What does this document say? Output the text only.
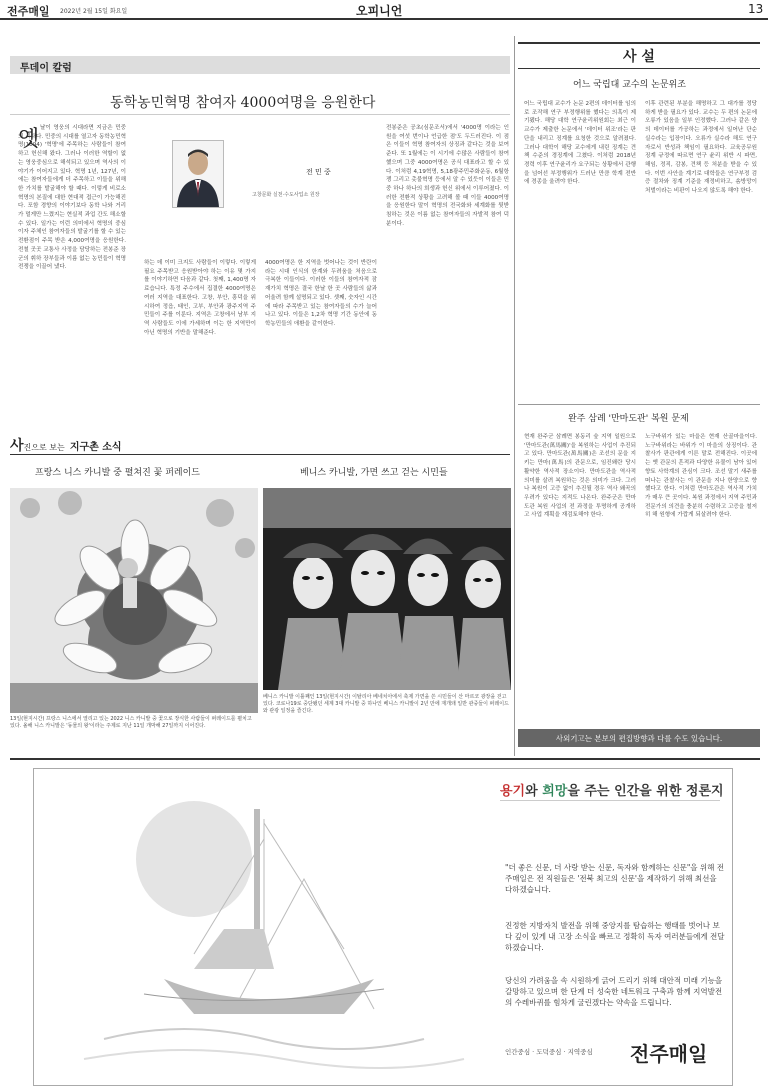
전주매일 2022년 2월 15일 화요일	오피니언	13
투데이 칼럼
동학농민혁명 참여자 4000여명을 응원한다
옛
전 민 중
고창문화 실천·수도사업소 원장
날이 영웅의 시대라면 지금은 민중의 시대다. 민중의 시대를 열고자 동학농민혁명(1894) '혁명'에 주목하는 사람들이 참여하고 헌신해 왔다. 그러나 이러한 역할이 없는 영웅중심으로 해석되고 있으며 역사의 이야기가 이어지고 있다. 혁명 1년, 127년, 이에는 참여자들에게 더 주목하고 이들을 위해 한 가치를 발굴해야 할 때다. 이렇게 비로소 혁명의 본질에 대한 현대적 접근이 가능해진다. 포함 경향의 이야기보다 동학 나와 거리가 멀게만 느꼈지는 현실적 과업 간도 해소할 수 있다. 일가는 이런 의미에서 혁명의 중심이자 주체인 참여자들의 발굴기를 할 수 있는 전환점이 주목 받은 4,000여명을 응원한다. 전철 곳곳 교통사 사정을 담당하는 전봉준 장군의 휘하 장부들과 이름 없는 농민들이 혁명 전쟁을 이끌어 냈다.
하는 데 이미 크지도 사람들이 이렇다. 이렇게 필요 주목받고 응원받아야 하는 이유 몇 가지를 이야기하면 다음과 같다. 첫째, 1,400명 자료습니다. 특정 주수에서 집결한 4000여명은 여러 지역을 대표한다. 고창, 부안, 흥덕을 위시하여 정읍, 태인, 고부, 부안과 광주지역 주민들이 주를 이룬다. 지역은 고창에서 남부 지역 사람들도 이에 가세하며 이는 한 지역만이 아닌 혁명의 기반을 말해준다.
4000여명은 한 지역을 벗어나는 것이 반란이라는 시대 인식의 한계와 두려움을 처음으로 극복한 이들이다. 이러한 이들의 참여자적 잠재가치 혁명은 결국 한날 한 곳 사람들의 삶과 어울려 함께 설명되고 있다. 셋째, 숫자인 시간에 따라 주목받고 있는 참여자들의 수가 늘어나고 있다. 이들은 1,2차 혁명 기간 동안에 동학농민들의 애환을 같이한다.
전봉준은 공초(심문조서)에서 '4000명 이라는 인원을 여섯 번이나 언급한 점'도 두드러진다. 이 점은 이들이 혁명 참여자의 상징과 같다는 것을 보여준다. 또 1월에는 이 시기에 수많은 사람들이 참여했으며 그중 4000여명은 공식 대표라고 할 수 있다. 이처럼 4,19혁명, 5,18광주민주화운동, 6월항쟁 그리고 촛불혁명 등에서 알 수 있듯이 이들은 민중 하나 하나의 희생과 헌신 위에서 이루어졌다. 이러한 전환적 상황을 고려해 볼 때 이들 4000여명을 응원한다 말이 혁명의 전국화와 세계화를 뒷받침하는 것은 이름 없는 참여자들의 자발적 참여 덕분이다.
사 설
어느 국립대 교수의 논문위조
어느 국립대 교수가 논문 2편의 데이터를 임의로 조작해 연구 부정행위를 했다는 의혹이 제기됐다. 해당 대학 연구윤리위원회는 최근 이 교수가 제출한 논문에서 '데이터 위조'라는 판단을 내리고 징계를 요청한 것으로 알려졌다. 그러나 대학이 해당 교수에게 내린 징계는 견책 수준의 경징계에 그쳤다. 이처럼 2018년 경력 이후 연구윤리가 요구되는 상황에서 관행을 넘어선 부정행위가 드러난 만큼 학계 전반에 경종을 울려야 한다.
이후 관련된 부분을 해명하고 그 대가를 정당하게 받을 필요가 있다. 교수는 두 편의 논문에 오류가 있음을 일부 인정했다. 그러나 같은 양의 데이터를 가공하는 과정에서 일어난 단순 실수라는 입장이다. 오류가 실수라 해도 연구자로서 반성과 책임이 필요하다. 교육공무원 징계 규정에 따르면 연구 윤리 위반 시 파면, 해임, 정직, 감봉, 견책 등 처분을 받을 수 있다. 이번 사안을 계기로 대학들은 연구부정 검증 절차와 징계 기준을 재정비하고, 솜방망이 처벌이라는 비판이 나오지 않도록 해야 한다.
완주 삼례 '만마도관' 복원 문제
현재 완주군 삼례면 봉동리 숲 지역 일원으로 '만마도관(萬馬關)'을 복원하는 사업이 추진되고 있다. 만마도관(萬馬關)은 조선의 문을 지키는 만마(萬馬)의 관문으로, 임진왜란 당시 활약한 역사적 장소이다. 만마도관을 역사적 의미를 살려 복원하는 것은 의미가 크다. 그러나 복원이 고증 없이 추진될 경우 역사 왜곡의 우려가 있다는 지적도 나온다. 완주군은 만마도관 복원 사업의 전 과정을 투명하게 공개하고 사업 계획을 재검토해야 한다.
노구바위가 있는 마을은 현재 산골마을이다. 노구바위라는 바위가 이 마을의 상징이다. 관찰사가 판관에게 이른 말로 전해진다. 이곳에는 옛 관문의 흔적과 다양한 유물이 남아 있어 향토 사학계의 관심이 크다. 조선 말기 새주를 떠나는 관찰사는 이 관문을 지나 한양으로 향했다고 한다. 이처럼 만마도관은 역사적 가치가 매우 큰 곳이다. 복원 과정에서 지역 주민과 전문가의 의견을 충분히 수렴하고 고증을 철저히 해 원형에 가깝게 되살려야 한다.
사외기고는 본보의 편집방향과 다를 수도 있습니다.
사진으로 보는 지구촌 소식
프랑스 니스 카니발 중 펼쳐진 꽃 퍼레이드	베니스 카니발, 가면 쓰고 걷는 시민들
13일(현지시간) 프랑스 니스에서 열리고 있는 2022 니스 카니발 중 꽃으로 장식한 사람들이 퍼레이드를 펼치고 있다. 올해 니스 카니발은 '동물의 왕'이라는 주제로 지난 11일 개막해 27일까지 이어진다.
베니스 카니발 이틀째인 13일(현지시간) 이탈리아 베네치아에서 축제 가면을 쓴 시민들이 산 마르코 광장을 걷고 있다. 코로나19로 중단됐던 세계 3대 카니발 중 하나인 베니스 카니발이 2년 만에 재개돼 일반 관중들이 퍼레이드와 관광 일정을 즐긴다.
용기와 희망을 주는 인간을 위한 정론지
"더 좋은 신문, 더 사랑 받는 신문, 독자와 함께하는 신문"을 위해 전주매일은 전 직원들은 '전북 최고의 신문'을 제작하기 위해 최선을 다하겠습니다.
진정한 지방자치 발전을 위해 중앙지를 탐습하는 행태를 벗어나 보다 깊이 있게 내 고장 소식을 빠르고 정확히 독자 여러분들에게 전달하겠습니다.
당신의 가려움을 속 시원하게 긁어 드리기 위해 대안적 미래 기능을 갈망하고 있으며 한 단계 더 성숙한 네트워크 구축과 함께 지역발전의 수레바퀴를 힘차게 굴린겠다는 약속을 드립니다.
인간중심 · 도덕중심 · 지역중심 전주매일
